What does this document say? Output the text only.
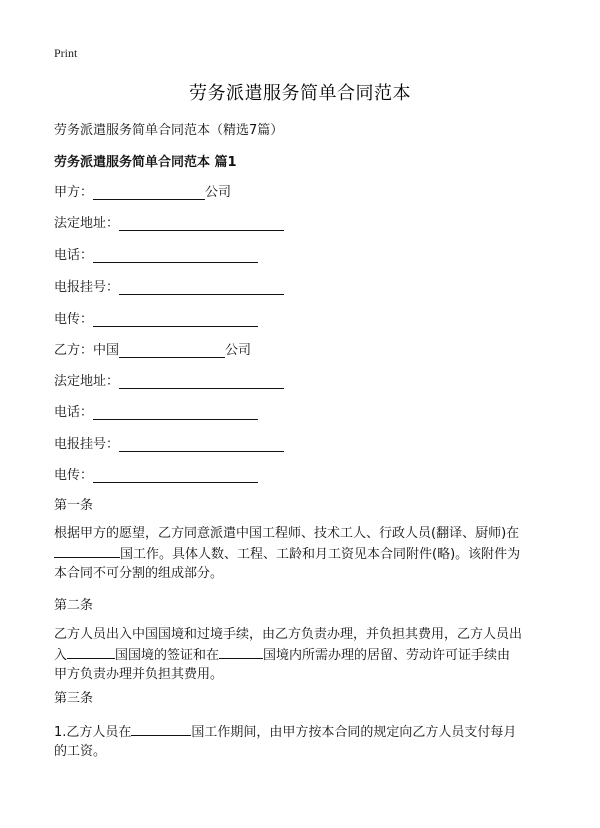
Print
劳务派遣服务简单合同范本
劳务派遣服务简单合同范本（精选7篇）
劳务派遣服务简单合同范本 篇1
甲方：	公司
法定地址：
电话：
电报挂号：
电传：
乙方： 中国	公司
法定地址：
电话：
电报挂号：
电传：
第一条
根据甲方的愿望，乙方同意派遣中国工程师、技术工人、行政人员(翻译、厨师)在
国工作。具体人数、工程、工龄和月工资见本合同附件(略)。该附件为
本合同不可分割的组成部分。
第二条
乙方人员出入中国国境和过境手续，由乙方负责办理，并负担其费用，乙方人员出
入	国国境的签证和在	国境内所需办理的居留、劳动许可证手续由
甲方负责办理并负担其费用。
第三条
1.乙方人员在	国工作期间，由甲方按本合同的规定向乙方人员支付每月
的工资。
